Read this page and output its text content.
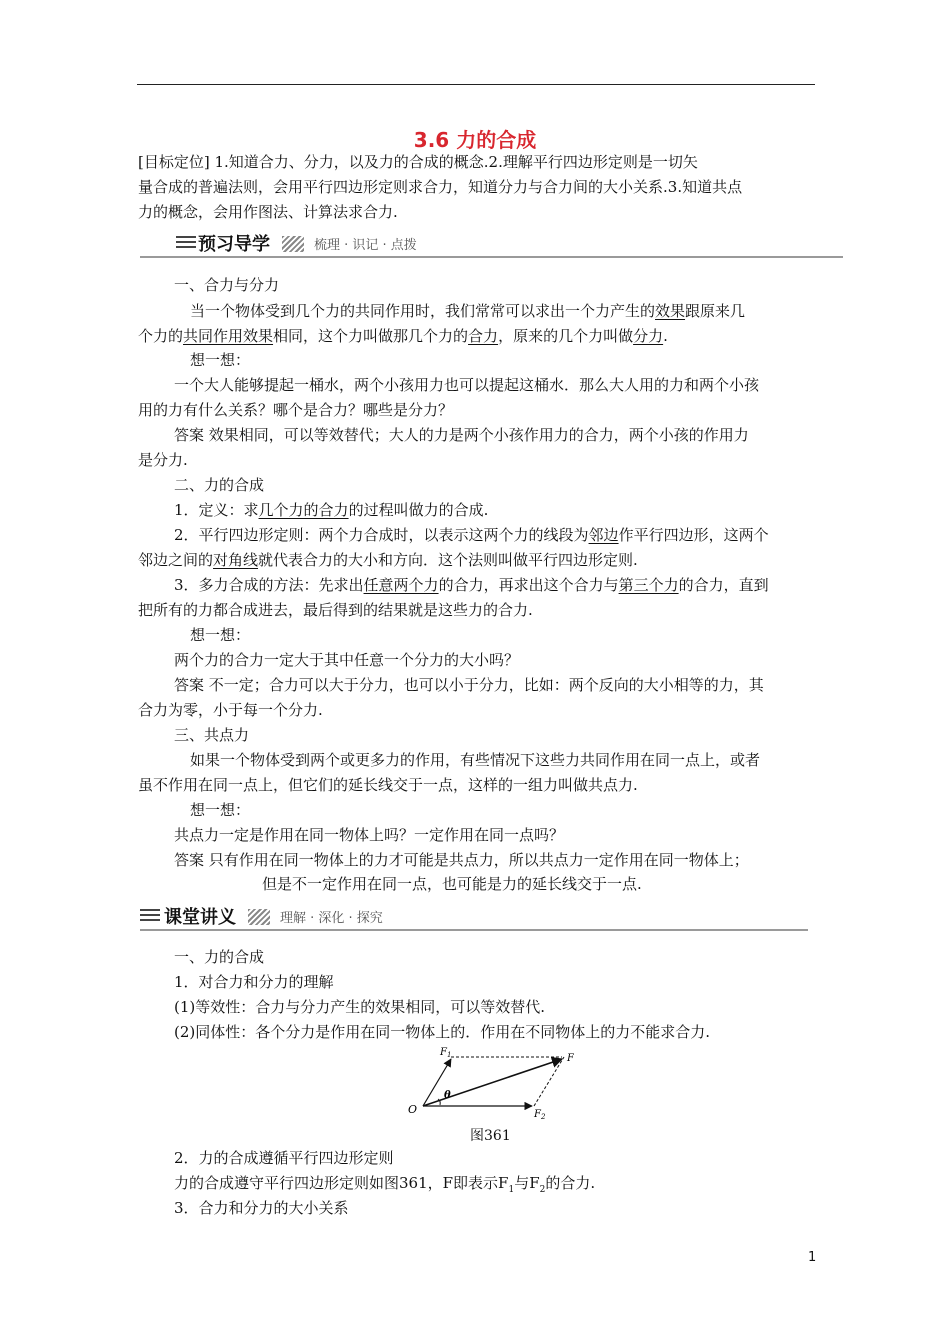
3.6 力的合成
[目标定位] 1.知道合力、分力，以及力的合成的概念.2.理解平行四边形定则是一切矢
量合成的普遍法则，会用平行四边形定则求合力，知道分力与合力间的大小关系.3.知道共点
力的概念，会用作图法、计算法求合力.
预习导学	梳理 · 识记 · 点拨
一、合力与分力
当一个物体受到几个力的共同作用时，我们常常可以求出一个力产生的效果跟原来几
个力的共同作用效果相同，这个力叫做那几个力的合力，原来的几个力叫做分力.
想一想：
一个大人能够提起一桶水，两个小孩用力也可以提起这桶水．那么大人用的力和两个小孩
用的力有什么关系？哪个是合力？哪些是分力？
答案 效果相同，可以等效替代；大人的力是两个小孩作用力的合力，两个小孩的作用力
是分力.
二、力的合成
1．定义：求几个力的合力的过程叫做力的合成.
2．平行四边形定则：两个力合成时，以表示这两个力的线段为邻边作平行四边形，这两个
邻边之间的对角线就代表合力的大小和方向．这个法则叫做平行四边形定则.
3．多力合成的方法：先求出任意两个力的合力，再求出这个合力与第三个力的合力，直到
把所有的力都合成进去，最后得到的结果就是这些力的合力.
想一想：
两个力的合力一定大于其中任意一个分力的大小吗？
答案 不一定；合力可以大于分力，也可以小于分力，比如：两个反向的大小相等的力，其
合力为零，小于每一个分力.
三、共点力
如果一个物体受到两个或更多力的作用，有些情况下这些力共同作用在同一点上，或者
虽不作用在同一点上，但它们的延长线交于一点，这样的一组力叫做共点力.
想一想：
共点力一定是作用在同一物体上吗？一定作用在同一点吗？
答案 只有作用在同一物体上的力才可能是共点力，所以共点力一定作用在同一物体上；
但是不一定作用在同一点，也可能是力的延长线交于一点.
课堂讲义	理解 · 深化 · 探究
一、力的合成
1．对合力和分力的理解
(1)等效性：合力与分力产生的效果相同，可以等效替代.
(2)同体性：各个分力是作用在同一物体上的．作用在不同物体上的力不能求合力.
$F_1$	F
O
θ
$F_2$
图361
2．力的合成遵循平行四边形定则
力的合成遵守平行四边形定则如图361，F即表示$F_1$与$F_2$的合力.
3．合力和分力的大小关系
1
